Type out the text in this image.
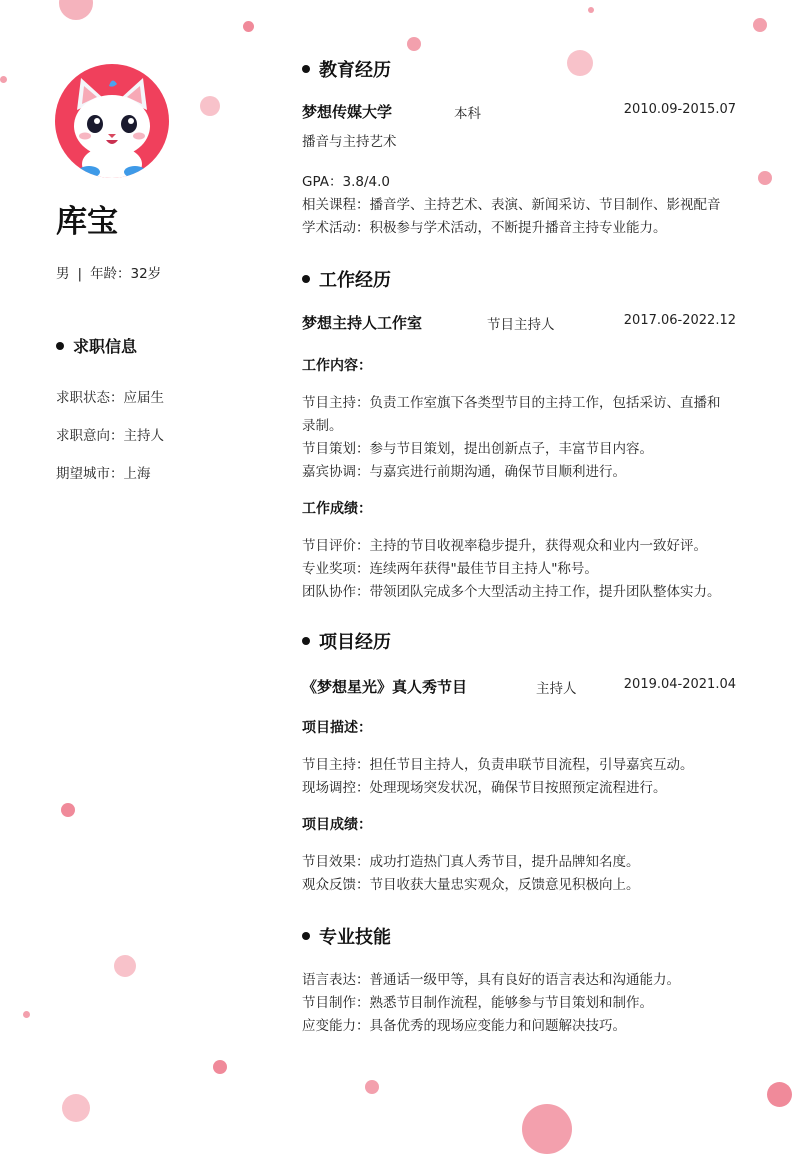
库宝
男 | 年龄：32岁
求职信息
求职状态：应届生
求职意向：主持人
期望城市：上海
教育经历
梦想传媒大学	本科	2010.09-2015.07
播音与主持艺术
GPA：3.8/4.0
相关课程：播音学、主持艺术、表演、新闻采访、节目制作、影视配音
学术活动：积极参与学术活动，不断提升播音主持专业能力。
工作经历
梦想主持人工作室	节目主持人	2017.06-2022.12
工作内容：
节目主持：负责工作室旗下各类型节目的主持工作，包括采访、直播和
录制。
节目策划：参与节目策划，提出创新点子，丰富节目内容。
嘉宾协调：与嘉宾进行前期沟通，确保节目顺利进行。
工作成绩：
节目评价：主持的节目收视率稳步提升，获得观众和业内一致好评。
专业奖项：连续两年获得"最佳节目主持人"称号。
团队协作：带领团队完成多个大型活动主持工作，提升团队整体实力。
项目经历
《梦想星光》真人秀节目	主持人	2019.04-2021.04
项目描述：
节目主持：担任节目主持人，负责串联节目流程，引导嘉宾互动。
现场调控：处理现场突发状况，确保节目按照预定流程进行。
项目成绩：
节目效果：成功打造热门真人秀节目，提升品牌知名度。
观众反馈：节目收获大量忠实观众，反馈意见积极向上。
专业技能
语言表达：普通话一级甲等，具有良好的语言表达和沟通能力。
节目制作：熟悉节目制作流程，能够参与节目策划和制作。
应变能力：具备优秀的现场应变能力和问题解决技巧。
